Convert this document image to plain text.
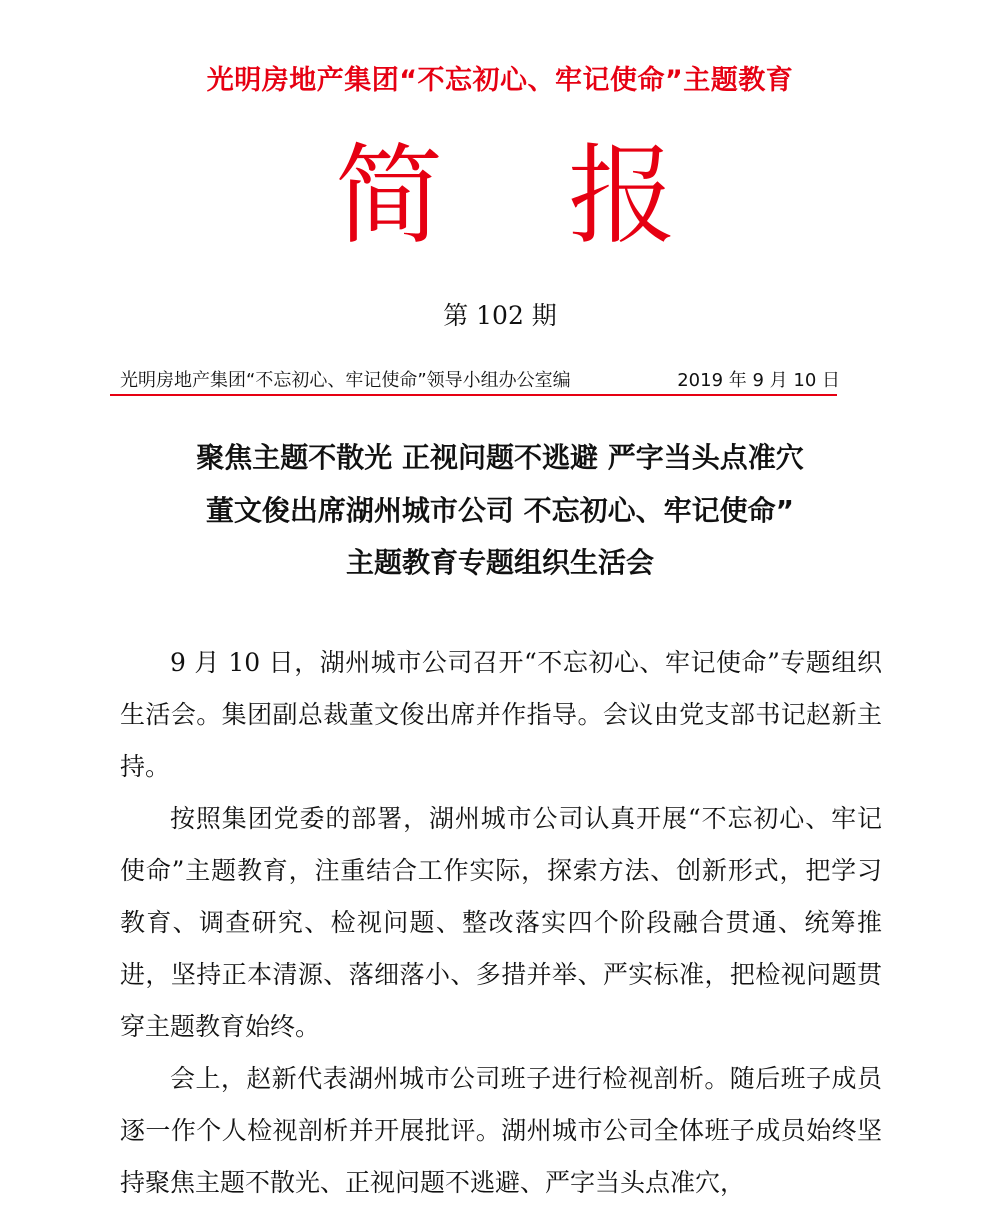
光明房地产集团“不忘初心、牢记使命”主题教育
简 报
第 102 期
光明房地产集团“不忘初心、牢记使命”领导小组办公室编	2019 年 9 月 10 日
聚焦主题不散光 正视问题不逃避 严字当头点准穴
董文俊出席湖州城市公司 不忘初心、牢记使命”
主题教育专题组织生活会

9 月 10 日，湖州城市公司召开“不忘初心、牢记使命”专题组织生活会。集团副总裁董文俊出席并作指导。会议由党支部书记赵新主持。

按照集团党委的部署，湖州城市公司认真开展“不忘初心、牢记使命”主题教育，注重结合工作实际，探索方法、创新形式，把学习教育、调查研究、检视问题、整改落实四个阶段融合贯通、统筹推进，坚持正本清源、落细落小、多措并举、严实标准，把检视问题贯穿主题教育始终。

会上，赵新代表湖州城市公司班子进行检视剖析。随后班子成员逐一作个人检视剖析并开展批评。湖州城市公司全体班子成员始终坚持聚焦主题不散光、正视问题不逃避、严字当头点准穴，
